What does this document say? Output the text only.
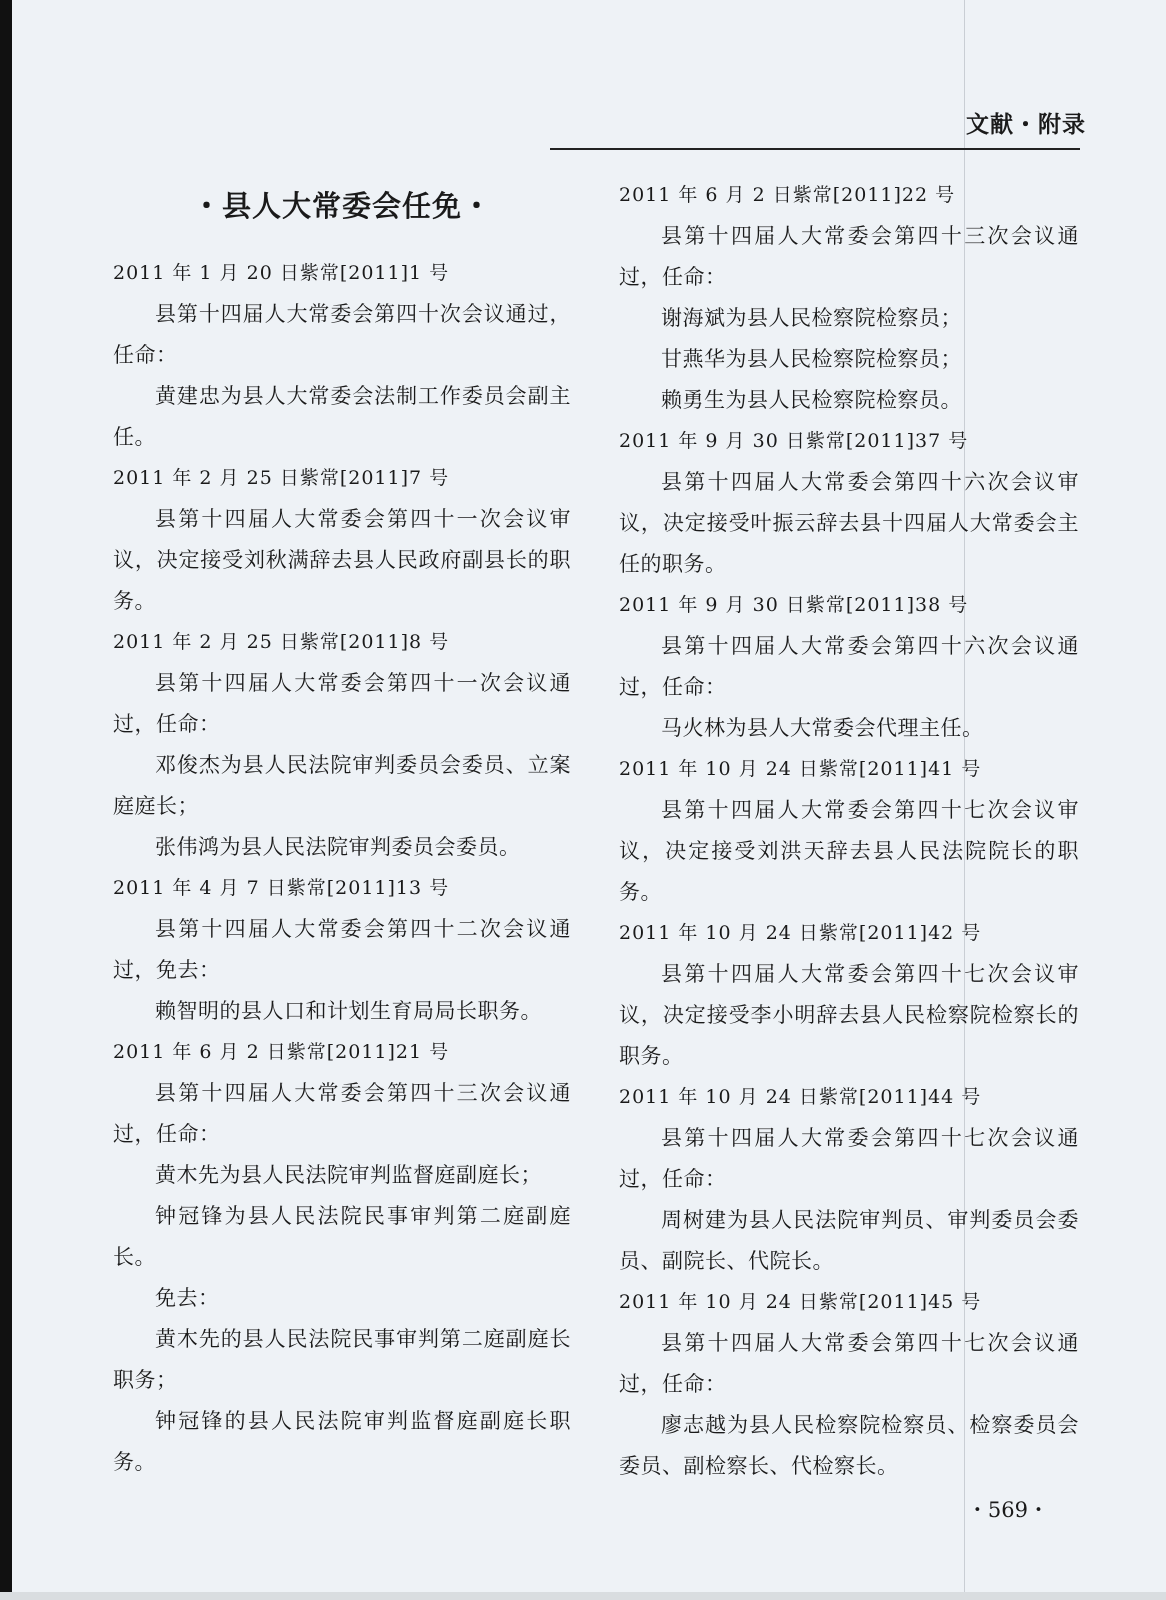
文献・附录
・县人大常委会任免・
2011 年 1 月 20 日紫常[2011]1 号
县第十四届人大常委会第四十次会议通过，任命：
黄建忠为县人大常委会法制工作委员会副主任。
2011 年 2 月 25 日紫常[2011]7 号
县第十四届人大常委会第四十一次会议审议，决定接受刘秋满辞去县人民政府副县长的职务。
2011 年 2 月 25 日紫常[2011]8 号
县第十四届人大常委会第四十一次会议通过，任命：
邓俊杰为县人民法院审判委员会委员、立案庭庭长；
张伟鸿为县人民法院审判委员会委员。
2011 年 4 月 7 日紫常[2011]13 号
县第十四届人大常委会第四十二次会议通过，免去：
赖智明的县人口和计划生育局局长职务。
2011 年 6 月 2 日紫常[2011]21 号
县第十四届人大常委会第四十三次会议通过，任命：
黄木先为县人民法院审判监督庭副庭长；
钟冠锋为县人民法院民事审判第二庭副庭长。
免去：
黄木先的县人民法院民事审判第二庭副庭长职务；
钟冠锋的县人民法院审判监督庭副庭长职务。
2011 年 6 月 2 日紫常[2011]22 号
县第十四届人大常委会第四十三次会议通过，任命：
谢海斌为县人民检察院检察员；
甘燕华为县人民检察院检察员；
赖勇生为县人民检察院检察员。
2011 年 9 月 30 日紫常[2011]37 号
县第十四届人大常委会第四十六次会议审议，决定接受叶振云辞去县十四届人大常委会主任的职务。
2011 年 9 月 30 日紫常[2011]38 号
县第十四届人大常委会第四十六次会议通过，任命：
马火林为县人大常委会代理主任。
2011 年 10 月 24 日紫常[2011]41 号
县第十四届人大常委会第四十七次会议审议，决定接受刘洪天辞去县人民法院院长的职务。
2011 年 10 月 24 日紫常[2011]42 号
县第十四届人大常委会第四十七次会议审议，决定接受李小明辞去县人民检察院检察长的职务。
2011 年 10 月 24 日紫常[2011]44 号
县第十四届人大常委会第四十七次会议通过，任命：
周树建为县人民法院审判员、审判委员会委员、副院长、代院长。
2011 年 10 月 24 日紫常[2011]45 号
县第十四届人大常委会第四十七次会议通过，任命：
廖志越为县人民检察院检察员、检察委员会委员、副检察长、代检察长。
・569・
